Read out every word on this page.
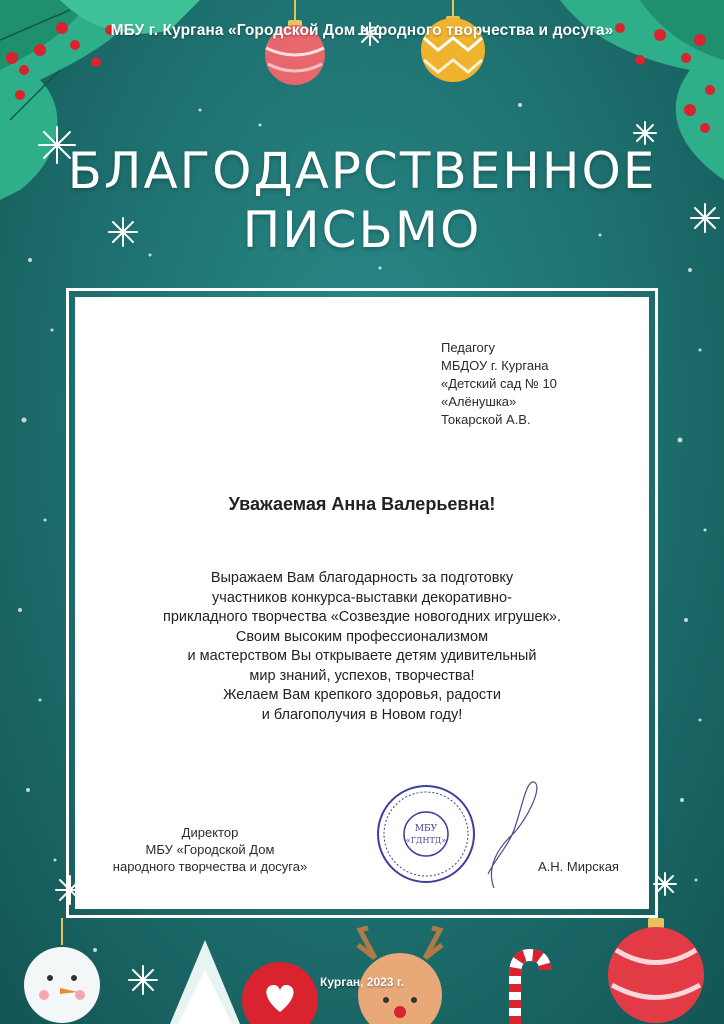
МБУ г. Кургана «Городской Дом народного творчества и досуга»
БЛАГОДАРСТВЕННОЕ
ПИСЬМО
Педагогу
МБДОУ г. Кургана
«Детский сад № 10
«Алёнушка»
Токарской А.В.
Уважаемая Анна Валерьевна!
Выражаем Вам благодарность за подготовку
участников конкурса-выставки декоративно-
прикладного творчества «Созвездие новогодних игрушек».
Своим высоким профессионализмом
и мастерством Вы открываете детям удивительный
мир знаний, успехов, творчества!
Желаем Вам крепкого здоровья, радости
и благополучия в Новом году!
Директор
МБУ «Городской Дом
народного творчества и досуга»
МБУ
«ГДНТД»
А.Н. Мирская
Курган, 2023 г.
